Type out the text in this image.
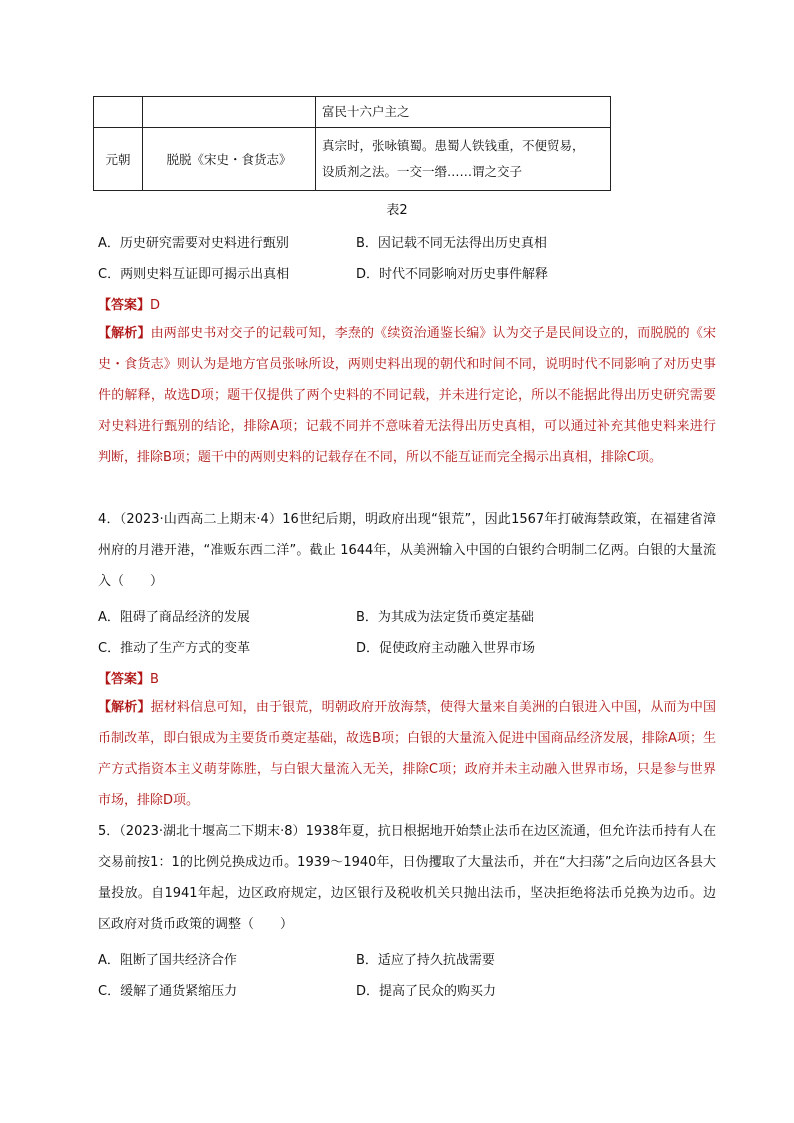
		富民十六户主之
元朝	脱脱《宋史・食货志》	真宗时，张咏镇蜀。患蜀人铁钱重，不便贸易，
设质剂之法。一交一缗……谓之交子
表2
A．历史研究需要对史料进行甄别	B．因记载不同无法得出历史真相
C．两则史料互证即可揭示出真相	D．时代不同影响对历史事件解释
【答案】D
【解析】由两部史书对交子的记载可知，李焘的《续资治通鉴长编》认为交子是民间设立的，而脱脱的《宋史・食货志》则认为是地方官员张咏所设，两则史料出现的朝代和时间不同，说明时代不同影响了对历史事件的解释，故选D项；题干仅提供了两个史料的不同记载，并未进行定论，所以不能据此得出历史研究需要对史料进行甄别的结论，排除A项；记载不同并不意味着无法得出历史真相，可以通过补充其他史料来进行判断，排除B项；题干中的两则史料的记载存在不同，所以不能互证而完全揭示出真相，排除C项。
4．（2023·山西高二上期末·4）16世纪后期，明政府出现“银荒”，因此1567年打破海禁政策，在福建省漳州府的月港开港，“准贩东西二洋”。截止 1644年，从美洲输入中国的白银约合明制二亿两。白银的大量流入（　　）
A．阻碍了商品经济的发展	B．为其成为法定货币奠定基础
C．推动了生产方式的变革	D．促使政府主动融入世界市场
【答案】B
【解析】据材料信息可知，由于银荒，明朝政府开放海禁，使得大量来自美洲的白银进入中国，从而为中国币制改革，即白银成为主要货币奠定基础，故选B项；白银的大量流入促进中国商品经济发展，排除A项；生产方式指资本主义萌芽陈胜，与白银大量流入无关，排除C项；政府并未主动融入世界市场，只是参与世界市场，排除D项。
5．（2023·湖北十堰高二下期末·8）1938年夏，抗日根据地开始禁止法币在边区流通，但允许法币持有人在交易前按1：1的比例兑换成边币。1939～1940年，日伪攫取了大量法币，并在“大扫荡”之后向边区各县大量投放。自1941年起，边区政府规定，边区银行及税收机关只抛出法币，坚决拒绝将法币兑换为边币。边区政府对货币政策的调整（　　）
A．阻断了国共经济合作	B．适应了持久抗战需要
C．缓解了通货紧缩压力	D．提高了民众的购买力
